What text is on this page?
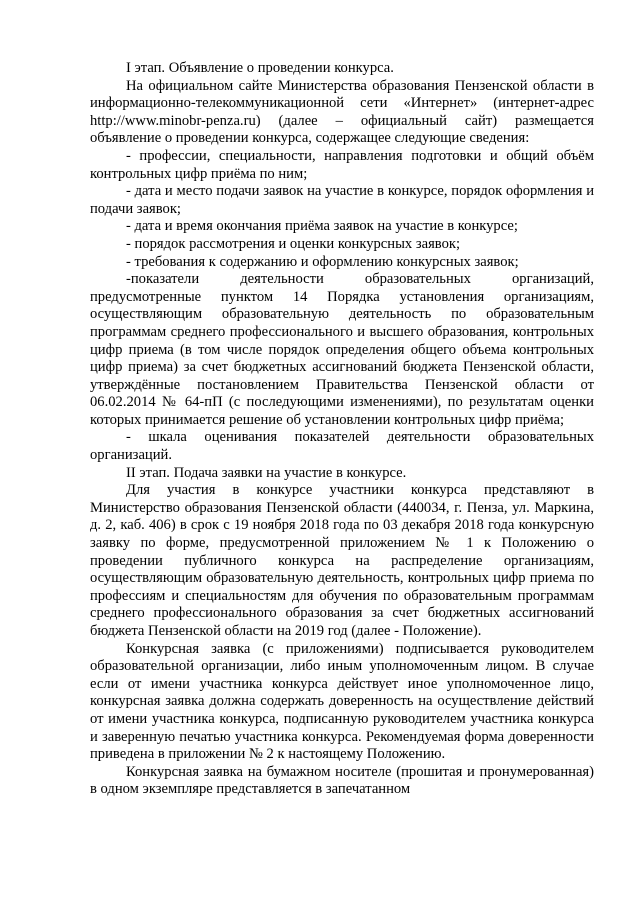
I этап. Объявление о проведении конкурса.

На официальном сайте Министерства образования Пензенской области в информационно-телекоммуникационной сети «Интернет» (интернет-адрес http://www.minobr-penza.ru) (далее – официальный сайт) размещается объявление о проведении конкурса, содержащее следующие сведения:

- профессии, специальности, направления подготовки и общий объём контрольных цифр приёма по ним;

- дата и место подачи заявок на участие в конкурсе, порядок оформления и подачи заявок;

- дата и время окончания приёма заявок на участие в конкурсе;

- порядок рассмотрения и оценки конкурсных заявок;

- требования к содержанию и оформлению конкурсных заявок;

-показатели деятельности образовательных организаций, предусмотренные пунктом 14 Порядка установления организациям, осуществляющим образовательную деятельность по образовательным программам среднего профессионального и высшего образования, контрольных цифр приема (в том числе порядок определения общего объема контрольных цифр приема) за счет бюджетных ассигнований бюджета Пензенской области, утверждённые постановлением Правительства Пензенской области от 06.02.2014 № 64-пП (с последующими изменениями), по результатам оценки которых принимается решение об установлении контрольных цифр приёма;

- шкала оценивания показателей деятельности образовательных организаций.

II этап. Подача заявки на участие в конкурсе.

Для участия в конкурсе участники конкурса представляют в Министерство образования Пензенской области (440034, г. Пенза, ул. Маркина, д. 2, каб. 406) в срок с 19 ноября 2018 года по 03 декабря 2018 года конкурсную заявку по форме, предусмотренной приложением № 1 к Положению о проведении публичного конкурса на распределение организациям, осуществляющим образовательную деятельность, контрольных цифр приема по профессиям и специальностям для обучения по образовательным программам среднего профессионального образования за счет бюджетных ассигнований бюджета Пензенской области на 2019 год (далее - Положение).

Конкурсная заявка (с приложениями) подписывается руководителем образовательной организации, либо иным уполномоченным лицом. В случае если от имени участника конкурса действует иное уполномоченное лицо, конкурсная заявка должна содержать доверенность на осуществление действий от имени участника конкурса, подписанную руководителем участника конкурса и заверенную печатью участника конкурса. Рекомендуемая форма доверенности приведена в приложении № 2 к настоящему Положению.

Конкурсная заявка на бумажном носителе (прошитая и пронумерованная) в одном экземпляре представляется в запечатанном
